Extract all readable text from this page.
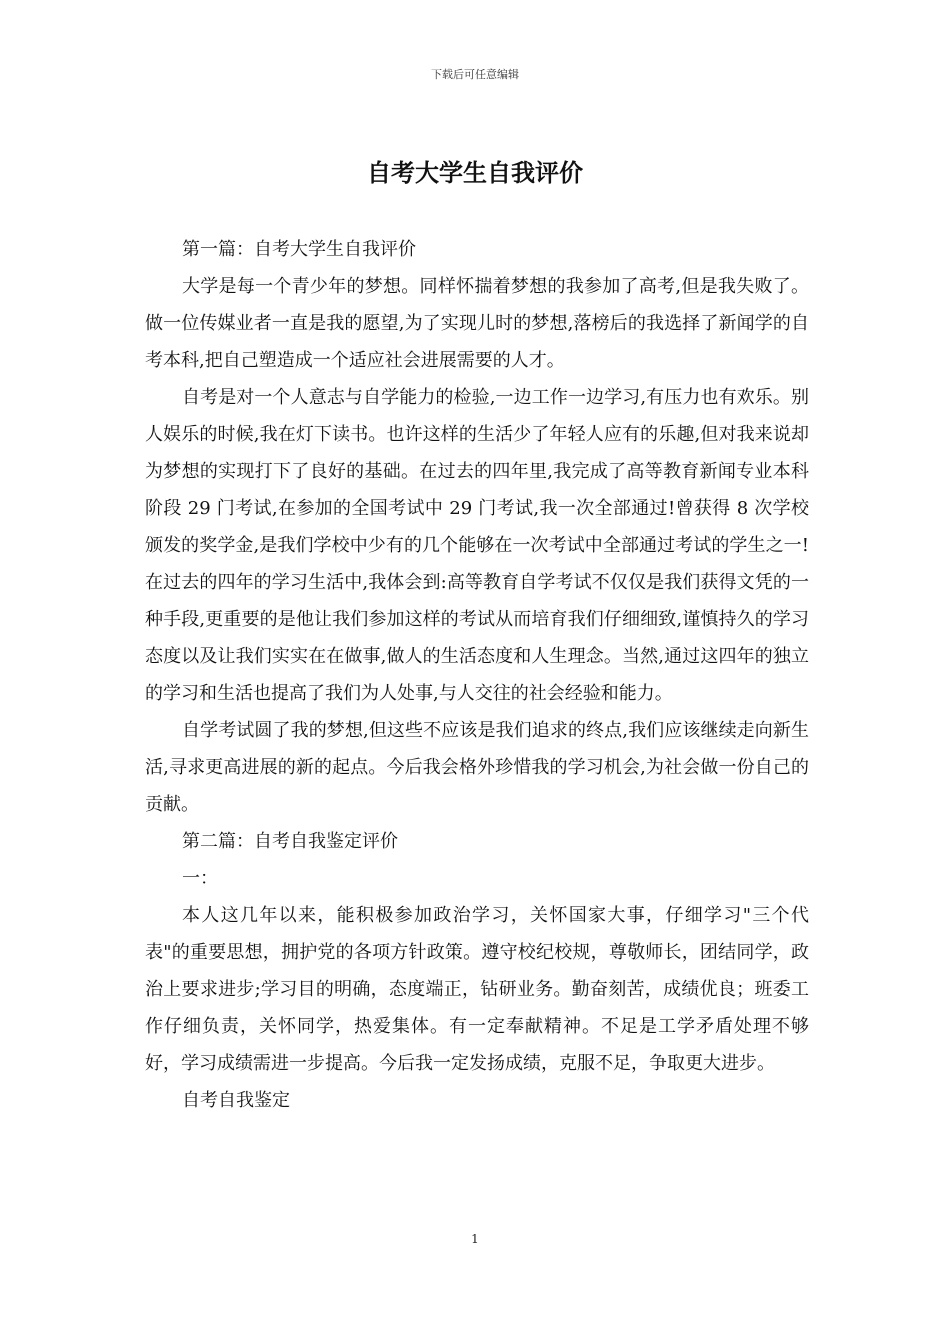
下载后可任意编辑
自考大学生自我评价

第一篇：自考大学生自我评价

大学是每一个青少年的梦想。同样怀揣着梦想的我参加了高考,但是我失败了。做一位传媒业者一直是我的愿望,为了实现儿时的梦想,落榜后的我选择了新闻学的自考本科,把自己塑造成一个适应社会进展需要的人才。

自考是对一个人意志与自学能力的检验,一边工作一边学习,有压力也有欢乐。别人娱乐的时候,我在灯下读书。也许这样的生活少了年轻人应有的乐趣,但对我来说却为梦想的实现打下了良好的基础。在过去的四年里,我完成了高等教育新闻专业本科阶段 29 门考试,在参加的全国考试中 29 门考试,我一次全部通过!曾获得 8 次学校颁发的奖学金,是我们学校中少有的几个能够在一次考试中全部通过考试的学生之一!在过去的四年的学习生活中,我体会到:高等教育自学考试不仅仅是我们获得文凭的一种手段,更重要的是他让我们参加这样的考试从而培育我们仔细细致,谨慎持久的学习态度以及让我们实实在在做事,做人的生活态度和人生理念。当然,通过这四年的独立的学习和生活也提高了我们为人处事,与人交往的社会经验和能力。

自学考试圆了我的梦想,但这些不应该是我们追求的终点,我们应该继续走向新生活,寻求更高进展的新的起点。今后我会格外珍惜我的学习机会,为社会做一份自己的贡献。

第二篇：自考自我鉴定评价

一：

本人这几年以来，能积极参加政治学习，关怀国家大事，仔细学习"三个代表"的重要思想，拥护党的各项方针政策。遵守校纪校规，尊敬师长，团结同学，政治上要求进步;学习目的明确，态度端正，钻研业务。勤奋刻苦，成绩优良；班委工作仔细负责，关怀同学，热爱集体。有一定奉献精神。不足是工学矛盾处理不够好，学习成绩需进一步提高。今后我一定发扬成绩，克服不足，争取更大进步。

自考自我鉴定

1
